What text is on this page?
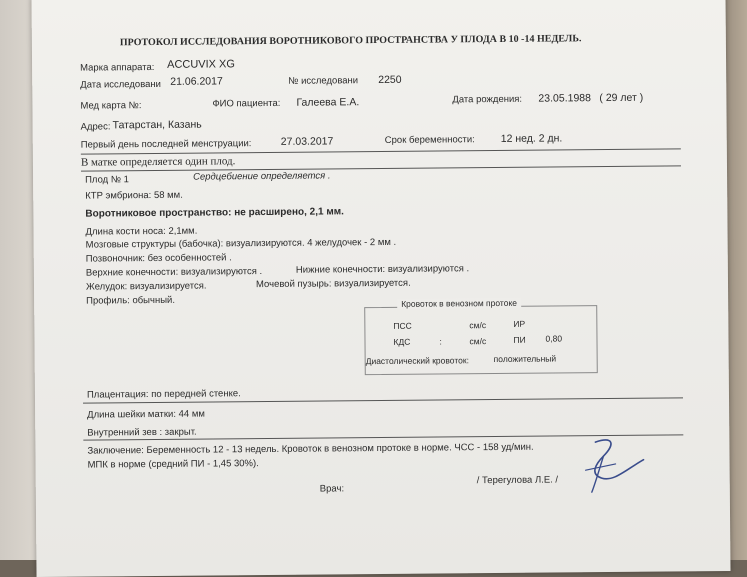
ПРОТОКОЛ ИССЛЕДОВАНИЯ ВОРОТНИКОВОГО ПРОСТРАНСТВА У ПЛОДА В 10 -14 НЕДЕЛЬ.
Марка аппарата: ACCUVIX XG
Дата исследовани 21.06.2017	№ исследовани 2250
Мед карта №:	ФИО пациента: Галеева Е.А.	Дата рождения: 23.05.1988 ( 29 лет )
Адрес: Татарстан, Казань
Первый день последней менструации:	27.03.2017	Срок беременности: 12 нед. 2 дн.
В матке определяется один плод.
Плод № 1	Сердцебиение определяется .
КТР эмбриона: 58 мм.
Воротниковое пространство: не расширено, 2,1 мм.
Длина кости носа: 2,1мм.
Мозговые структуры (бабочка): визуализируются. 4 желудочек - 2 мм .
Позвоночник: без особенностей .
Верхние конечности: визуализируются .	Нижние конечности: визуализируются .
Желудок: визуализируется.	Мочевой пузырь: визуализируется.
Профиль: обычный.	Кровоток в венозном протоке
ПСС	см/с	ИР
КДС	:	см/с	ПИ 0,80
Диастолический кровоток:	положительный
Плацентация: по передней стенке.
Длина шейки матки: 44 мм
Внутренний зев : закрыт.
Заключение: Беременность 12 - 13 недель. Кровоток в венозном протоке в норме. ЧСС - 158 уд/мин.
МПК в норме (средний ПИ - 1,45 30%).
Врач:
/ Терегулова Л.Е. /
